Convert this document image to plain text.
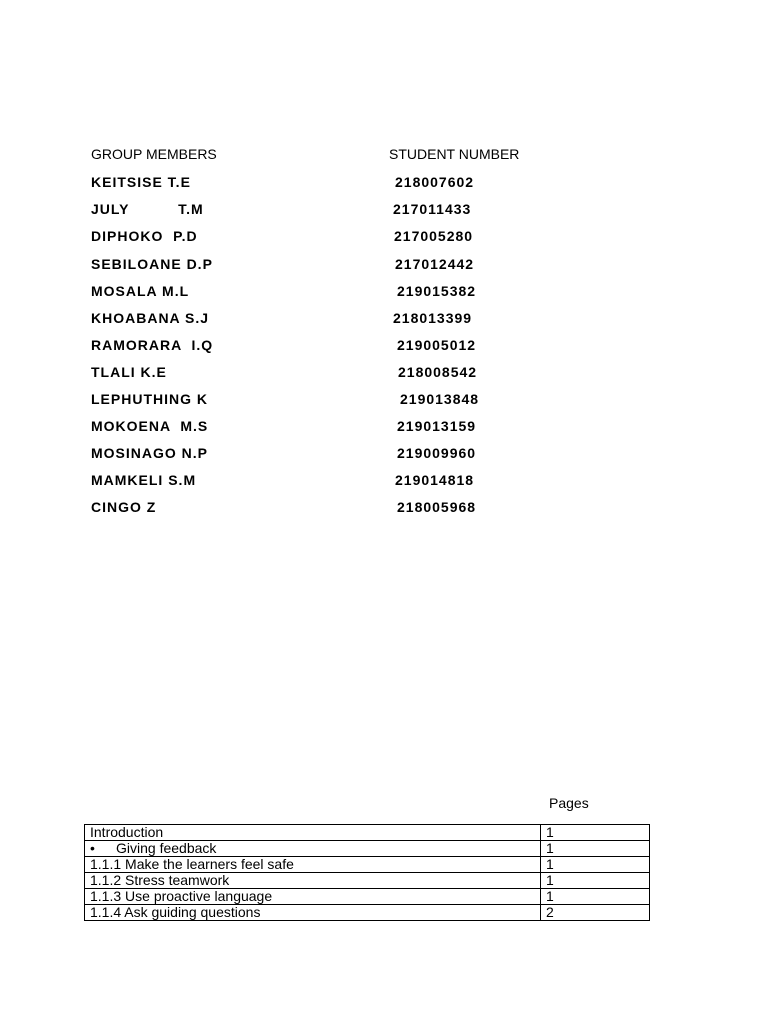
GROUP MEMBERS	STUDENT NUMBER
KEITSISE T.E	218007602
JULY          T.M	217011433
DIPHOKO  P.D	217005280
SEBILOANE D.P	217012442
MOSALA M.L	219015382
KHOABANA S.J	218013399
RAMORARA  I.Q	219005012
TLALI K.E	218008542
LEPHUTHING K	219013848
MOKOENA  M.S	219013159
MOSINAGO N.P	219009960
MAMKELI S.M	219014818
CINGO Z	218005968
Pages
Introduction	1
• Giving feedback	1
1.1.1 Make the learners feel safe	1
1.1.2 Stress teamwork	1
1.1.3 Use proactive language	1
1.1.4 Ask guiding questions	2
